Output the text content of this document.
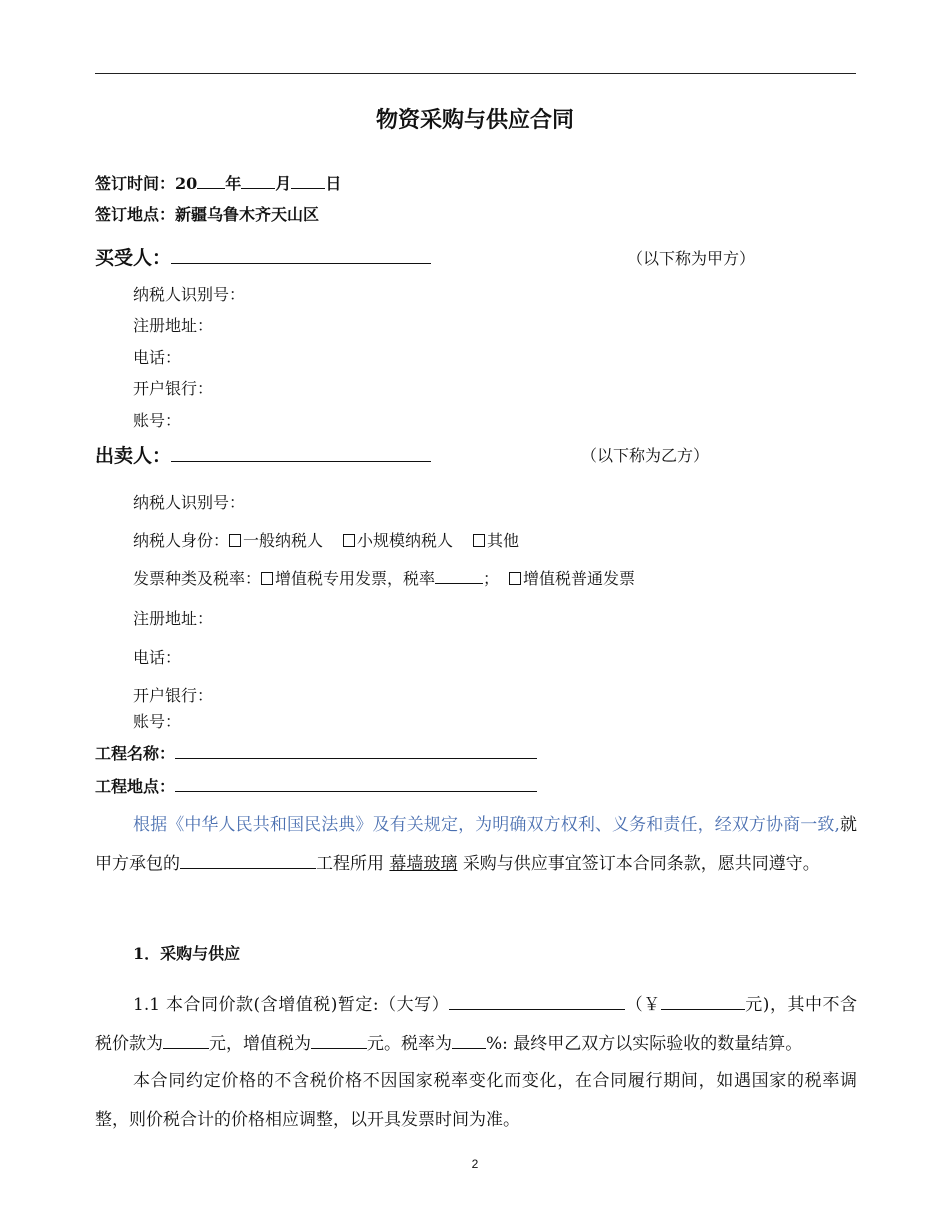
物资采购与供应合同
签订时间：20 年 月 日
签订地点：新疆乌鲁木齐天山区
买受人：	（以下称为甲方）
纳税人识别号：
注册地址：
电话：
开户银行：
账号：
出卖人：	（以下称为乙方）
纳税人识别号：
纳税人身份： 一般纳税人 小规模纳税人 其他
发票种类及税率： 增值税专用发票，税率	； 增值税普通发票
注册地址：
电话：
开户银行：
账号：
工程名称：
工程地点：
根据《中华人民共和国民法典》及有关规定，为明确双方权利、义务和责任，经双方协商一致,就甲方承包的	工程所用 幕墙玻璃 采购与供应事宜签订本合同条款，愿共同遵守。
1．采购与供应
1.1 本合同价款(含增值税)暂定:（大写）	（￥	元)，其中不含税价款为	元，增值税为	元。税率为 %: 最终甲乙双方以实际验收的数量结算。
本合同约定价格的不含税价格不因国家税率变化而变化，在合同履行期间，如遇国家的税率调整，则价税合计的价格相应调整，以开具发票时间为准。
2
